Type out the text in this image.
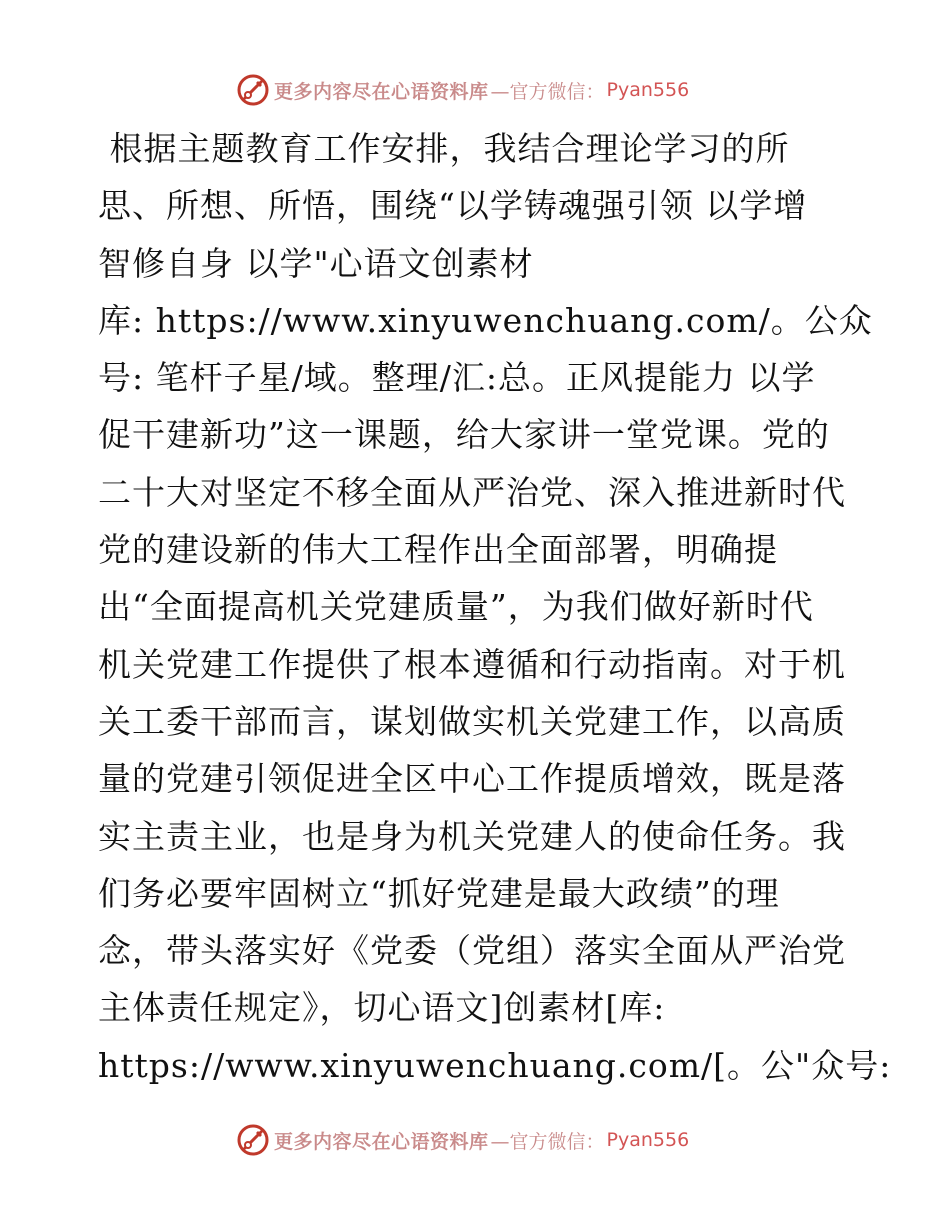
更多内容尽在心语资料库 —官方微信： Pyan556
根据主题教育工作安排，我结合理论学习的所
思、所想、所悟，围绕“以学铸魂强引领 以学增
智修自身 以学"心语文创素材
库: https://www.xinyuwenchuang.com/。公众
号: 笔杆子星/域。整理/汇:总。正风提能力 以学
促干建新功”这一课题，给大家讲一堂党课。党的
二十大对坚定不移全面从严治党、深入推进新时代
党的建设新的伟大工程作出全面部署，明确提
出“全面提高机关党建质量”，为我们做好新时代
机关党建工作提供了根本遵循和行动指南。对于机
关工委干部而言，谋划做实机关党建工作，以高质
量的党建引领促进全区中心工作提质增效，既是落
实主责主业，也是身为机关党建人的使命任务。我
们务必要牢固树立“抓好党建是最大政绩”的理
念，带头落实好《党委（党组）落实全面从严治党
主体责任规定》，切心语文]创素材[库:
https://www.xinyuwenchuang.com/[。公"众号:
更多内容尽在心语资料库 —官方微信： Pyan556
